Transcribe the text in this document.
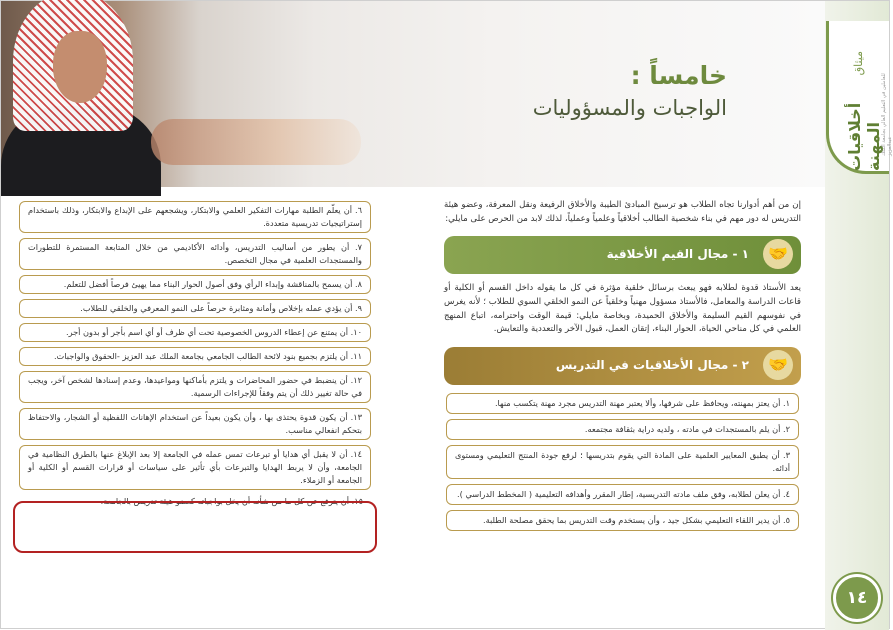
خامساً :

الواجبات والمسؤوليات

ميثاق
أخلاقيات المهنة
للعاملين في التعليم العالي بجامعة الملك عبدالعزيز
١٤

إن من أهم أدوارنا تجاه الطلاب هو ترسيخ المبادئ الطيبة والأخلاق الرفيعة ونقل المعرفة، وعضو هيئة التدريس له دور مهم في بناء شخصية الطالب أخلاقياً وعلمياً وعملياً، لذلك لابد من الحرص على مايلي:

🤝
١ - مجال القيم الأخلاقية

يعد الأستاذ قدوة لطلابه فهو يبعث برسائل خلقية مؤثرة في كل ما يقوله داخل القسم أو الكلية أو قاعات الدراسة والمعامل، فالأستاذ مسؤول مهنياً وخلقياً عن النمو الخلقي السوي للطلاب ؛ لأنه يغرس في نفوسهم القيم السليمة والأخلاق الحميدة، وبخاصة مايلي: قيمة الوقت واحترامه، اتباع المنهج العلمي في كل مناحي الحياة، الحوار البناء، إتقان العمل، قبول الآخر والتعددية والتعايش.

🤝
٢ - مجال الأخلاقيات في التدريس
١. أن يعتز بمهنته، ويحافظ على شرفها، وألا يعتبر مهنة التدريس مجرد مهنة يتكسب منها.
٢. أن يلم بالمستجدات في مادته ، ولديه دراية بثقافة مجتمعه.
٣. أن يطبق المعايير العلمية على المادة التي يقوم بتدريسها ؛ لرفع جودة المنتج التعليمي ومستوى أدائه.
٤. أن يعلن لطلابه، وفق ملف مادته التدريسية، إطار المقرر وأهدافه التعليمية ( المخطط الدراسي ).
٥. أن يدير اللقاء التعليمي بشكل جيد ، وأن يستخدم وقت التدريس بما يحقق مصلحة الطلبة.
٦. أن يعلّم الطلبة مهارات التفكير العلمي والابتكار، ويشجعهم على الإبداع والابتكار، وذلك باستخدام إستراتيجيات تدريسية متعددة.
٧. أن يطور من أساليب التدريس، وأدائه الأكاديمي من خلال المتابعة المستمرة للتطورات والمستجدات العلمية في مجال التخصص.
٨. أن يسمح بالمناقشة وإبداء الرأي وفق أصول الحوار البناء مما يهيئ فرصاً أفضل للتعلم.
٩. أن يؤدي عمله بإخلاص وأمانة ومثابرة حرصاً على النمو المعرفي والخلقي للطلاب.
١٠. أن يمتنع عن إعطاء الدروس الخصوصية تحت أي ظرف أو أي اسم بأجر أو بدون أجر.
١١. أن يلتزم بجميع بنود لائحة الطالب الجامعي بجامعة الملك عبد العزيز -الحقوق والواجبات.
١٢. أن ينضبط في حضور المحاضرات و يلتزم بأماكنها ومواعيدها، وعدم إسنادها لشخص آخر، ويجب في حالة تغيير ذلك أن يتم وفقاً للإجراءات الرسمية.
١٣. أن يكون قدوة يحتذى بها ، وأن يكون بعيداً عن استخدام الإهانات اللفظية أو الشجار، والاحتفاظ بتحكم انفعالي مناسب.
١٤. أن لا يقبل أي هدايا أو تبرعات تمس عمله في الجامعة إلا بعد الإبلاغ عنها بالطرق النظامية في الجامعة، وأن لا يربط الهدايا والتبرعات بأي تأثير على سياسات أو قرارات القسم أو الكلية أو الجامعة أو الزملاء.
١٥. أن يترفع عن كل ما من شأنه أن يخل بواجباته كعضو هيئة تدريس بالجامعة.
